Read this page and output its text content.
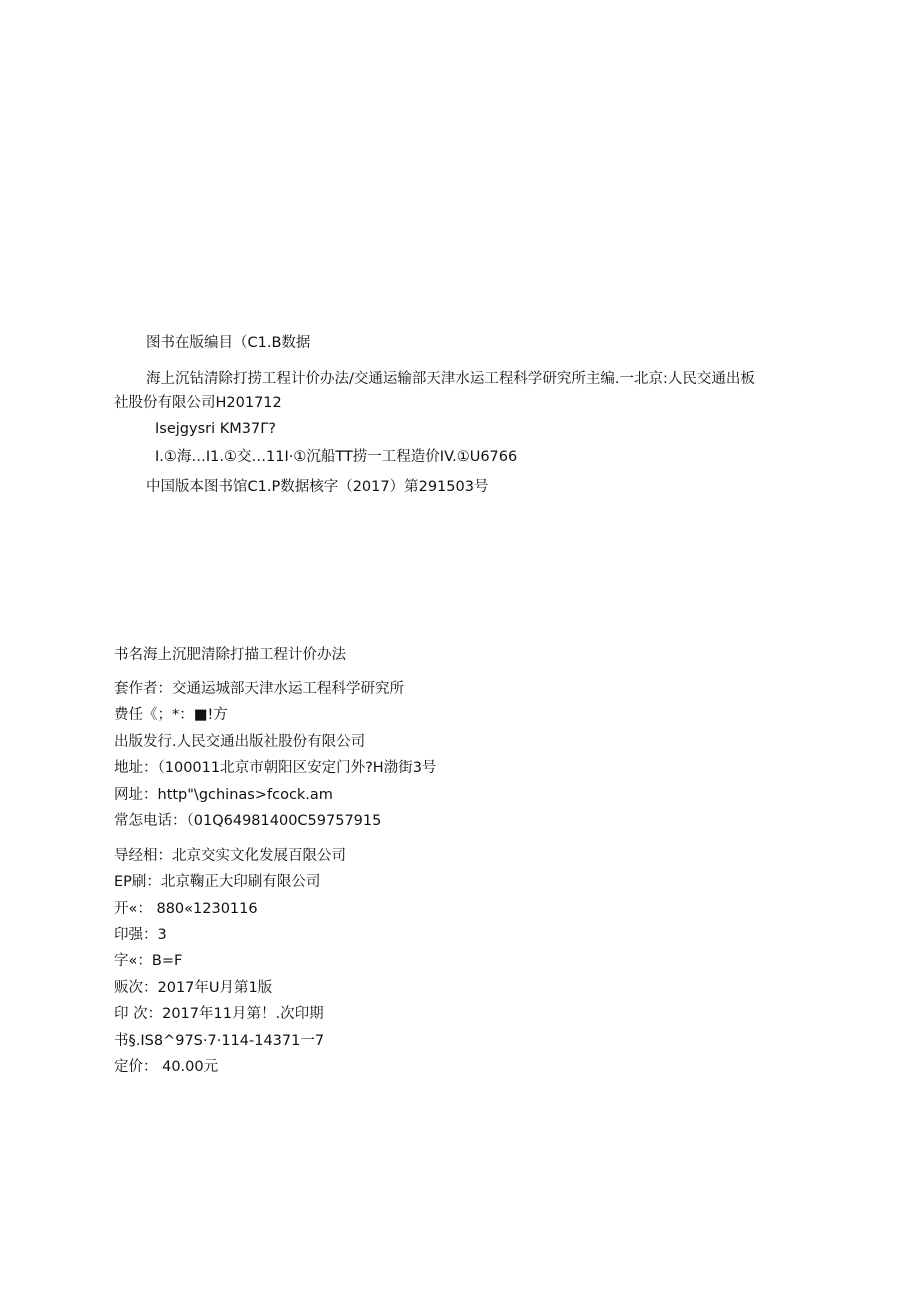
图书在版编目（C1.B数据
海上沉钻清除打捞工程计价办法/交通运输部天津水运工程科学研究所主编.一北京:人民交通出板
社股份有限公司H201712
Isejgysri KM37Γ?
I.①海…I1.①交…11I·①沉船TT捞一工程造价IV.①U6766
中国版本图书馆C1.P数据核字（2017）第291503号
书名海上沉肥清除打描工程计价办法
套作者：交通运城部天津水运工程科学研究所
费任《；*：■!方
出版发行.人民交通出版社股份有限公司
地址：（100011北京市朝阳区安定门外?H渤街3号
网址：http"\gchinas>fcock.am
常怎电话：（01Q64981400C59757915
导经相：北京交实文化发展百限公司
EP刷：北京鞠正大印刷有限公司
开«： 880«1230116
印强：3
字«：B=F
贩次：2017年U月第1版
印 次：2017年11月第！.次印期
书§.IS8^97S·7·114-14371一7
定价： 40.00元
